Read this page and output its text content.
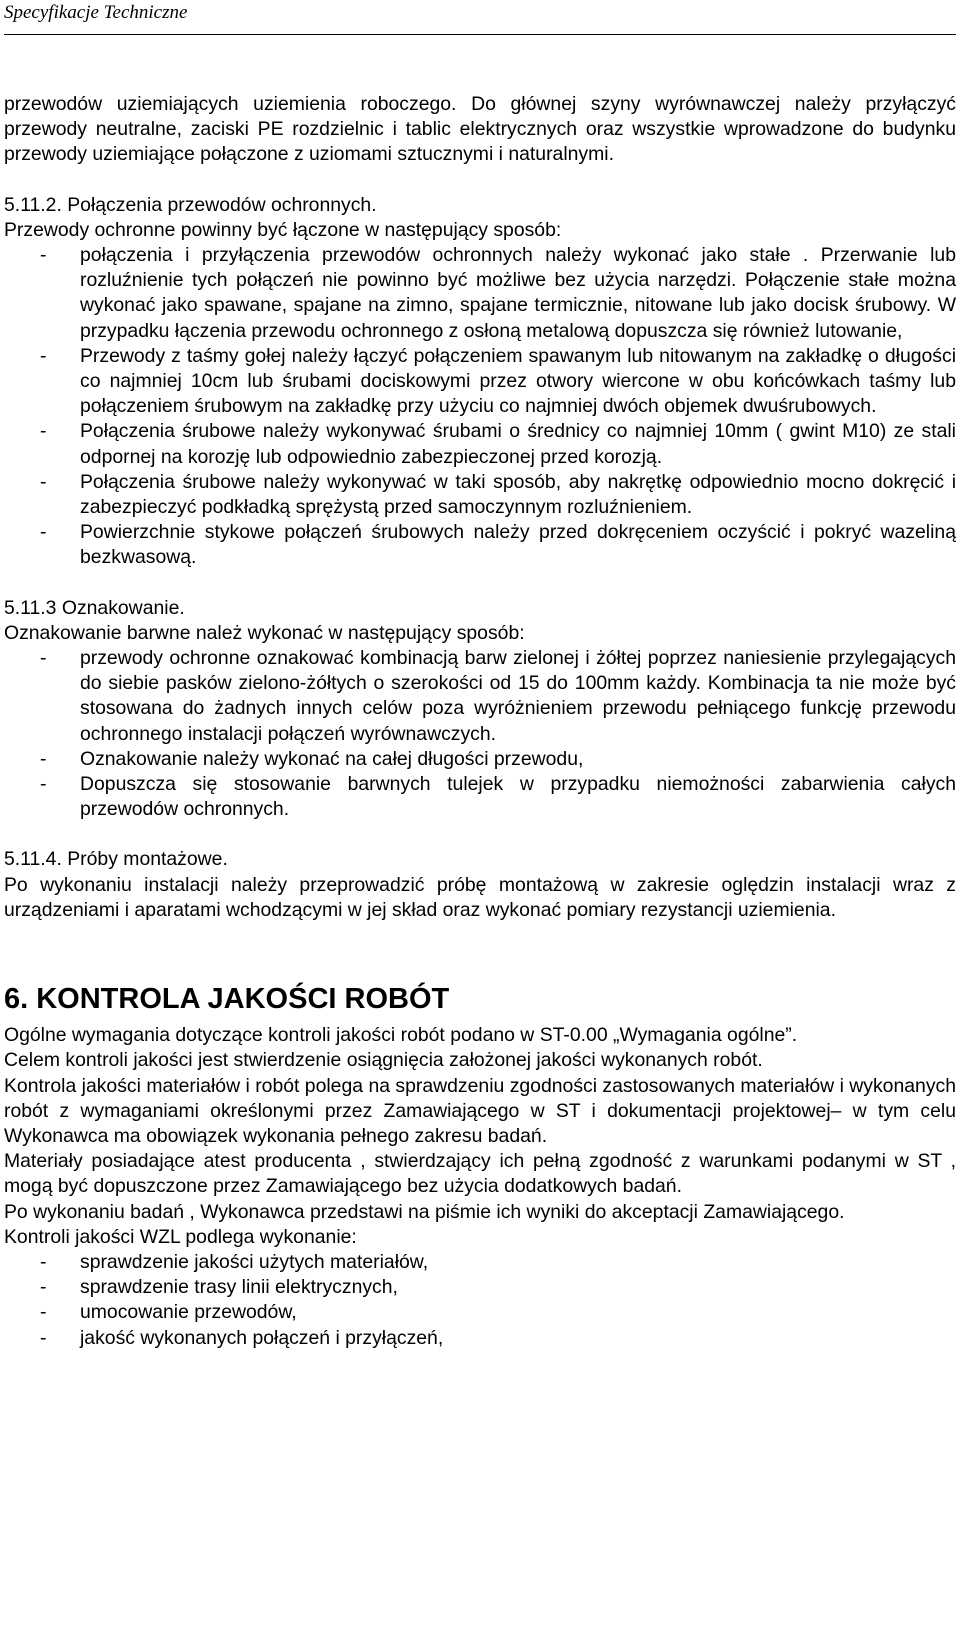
Specyfikacje Techniczne

przewodów uziemiających uziemienia roboczego. Do głównej szyny wyrównawczej należy przyłączyć przewody neutralne, zaciski PE rozdzielnic i tablic elektrycznych oraz wszystkie wprowadzone do budynku przewody uziemiające połączone z uziomami sztucznymi i naturalnymi.

5.11.2. Połączenia przewodów ochronnych.

Przewody ochronne powinny być łączone w następujący sposób:

- połączenia i przyłączenia przewodów ochronnych należy wykonać jako stałe . Przerwanie lub rozluźnienie tych połączeń nie powinno być możliwe bez użycia narzędzi. Połączenie stałe można wykonać jako spawane, spajane na zimno, spajane termicznie, nitowane lub jako docisk śrubowy. W przypadku łączenia przewodu ochronnego z osłoną metalową dopuszcza się również lutowanie,
- Przewody z taśmy gołej należy łączyć połączeniem spawanym lub nitowanym na zakładkę o długości co najmniej 10cm lub śrubami dociskowymi przez otwory wiercone w obu końcówkach taśmy lub połączeniem śrubowym na zakładkę przy użyciu co najmniej dwóch objemek dwuśrubowych.
- Połączenia śrubowe należy wykonywać śrubami o średnicy co najmniej 10mm ( gwint M10) ze stali odpornej na korozję lub odpowiednio zabezpieczonej przed korozją.
- Połączenia śrubowe należy wykonywać w taki sposób, aby nakrętkę odpowiednio mocno dokręcić i zabezpieczyć podkładką sprężystą przed samoczynnym rozluźnieniem.
- Powierzchnie stykowe połączeń śrubowych należy przed dokręceniem oczyścić i pokryć wazeliną bezkwasową.

5.11.3 Oznakowanie.

Oznakowanie barwne należ wykonać w następujący sposób:

- przewody ochronne oznakować kombinacją barw zielonej i żółtej poprzez naniesienie przylegających do siebie pasków zielono-żółtych o szerokości od 15 do 100mm każdy. Kombinacja ta nie może być stosowana do żadnych innych celów poza wyróżnieniem przewodu pełniącego funkcję przewodu ochronnego instalacji połączeń wyrównawczych.
- Oznakowanie należy wykonać na całej długości przewodu,
- Dopuszcza się stosowanie barwnych tulejek w przypadku niemożności zabarwienia całych przewodów ochronnych.

5.11.4. Próby montażowe.

Po wykonaniu instalacji należy przeprowadzić próbę montażową w zakresie oględzin instalacji wraz z urządzeniami i aparatami wchodzącymi w jej skład oraz wykonać pomiary rezystancji uziemienia.

6. KONTROLA JAKOŚCI ROBÓT

Ogólne wymagania dotyczące kontroli jakości robót podano w ST-0.00 „Wymagania ogólne”.

Celem kontroli jakości jest stwierdzenie osiągnięcia założonej jakości wykonanych robót.

Kontrola jakości materiałów i robót polega na sprawdzeniu zgodności zastosowanych materiałów i wykonanych robót z wymaganiami określonymi przez Zamawiającego w ST i dokumentacji projektowej– w tym celu Wykonawca ma obowiązek wykonania pełnego zakresu badań.

Materiały posiadające atest producenta , stwierdzający ich pełną zgodność z warunkami podanymi w ST , mogą być dopuszczone przez Zamawiającego bez użycia dodatkowych badań.

Po wykonaniu badań , Wykonawca przedstawi na piśmie ich wyniki do akceptacji Zamawiającego.

Kontroli jakości WZL podlega wykonanie:

- sprawdzenie jakości użytych materiałów,
- sprawdzenie trasy linii elektrycznych,
- umocowanie przewodów,
- jakość wykonanych połączeń i przyłączeń,
